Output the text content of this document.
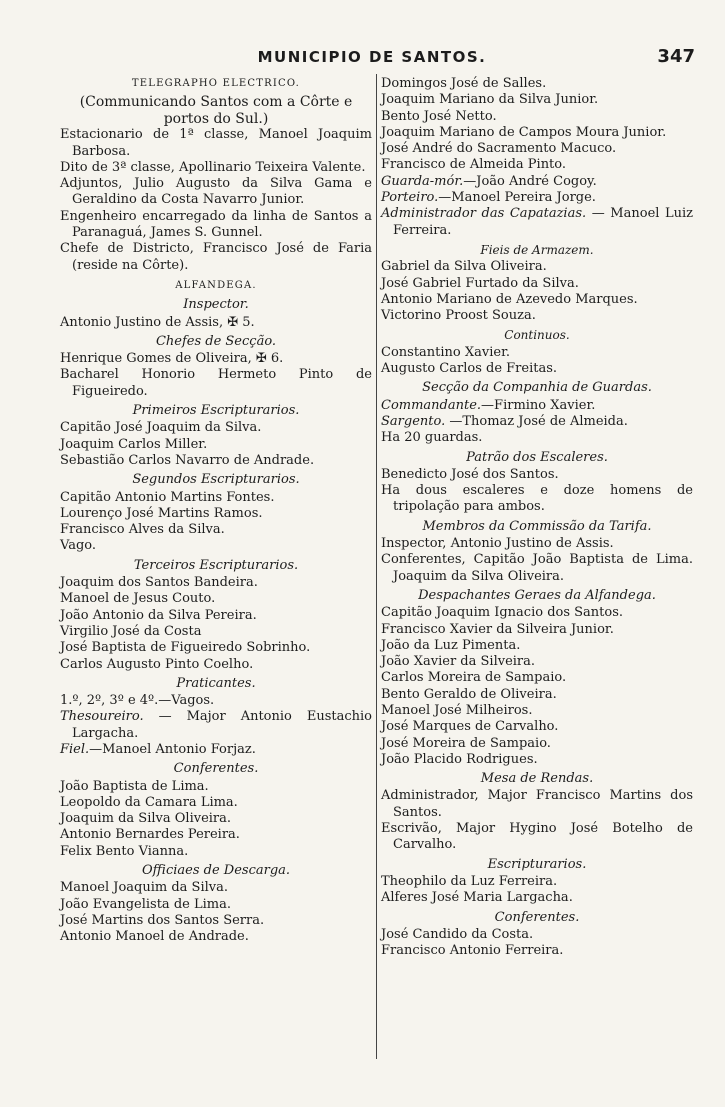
MUNICIPIO DE SANTOS.	347
TELEGRAPHO ELECTRICO.
(Communicando Santos com a Côrte e portos do Sul.)
Estacionario de 1ª classe, Manoel Joaquim Barbosa.
Dito de 3ª classe, Apollinario Teixeira Valente.
Adjuntos, Julio Augusto da Silva Gama e Geraldino da Costa Navarro Junior.
Engenheiro encarregado da linha de Santos a Paranaguá, James S. Gunnel.
Chefe de Districto, Francisco José de Faria (reside na Côrte).
ALFANDEGA.
Inspector.
Antonio Justino de Assis, ✠ 5.
Chefes de Secção.
Henrique Gomes de Oliveira, ✠ 6.
Bacharel Honorio Hermeto Pinto de Figueiredo.
Primeiros Escripturarios.
Capitão José Joaquim da Silva.
Joaquim Carlos Miller.
Sebastião Carlos Navarro de Andrade.
Segundos Escripturarios.
Capitão Antonio Martins Fontes.
Lourenço José Martins Ramos.
Francisco Alves da Silva.
Vago.
Terceiros Escripturarios.
Joaquim dos Santos Bandeira.
Manoel de Jesus Couto.
João Antonio da Silva Pereira.
Virgilio José da Costa
José Baptista de Figueiredo Sobrinho.
Carlos Augusto Pinto Coelho.
Praticantes.
1.º, 2º, 3º e 4º.—Vagos.
Thesoureiro. — Major Antonio Eustachio Largacha.
Fiel.—Manoel Antonio Forjaz.
Conferentes.
João Baptista de Lima.
Leopoldo da Camara Lima.
Joaquim da Silva Oliveira.
Antonio Bernardes Pereira.
Felix Bento Vianna.
Officiaes de Descarga.
Manoel Joaquim da Silva.
João Evangelista de Lima.
José Martins dos Santos Serra.
Antonio Manoel de Andrade.
Domingos José de Salles.
Joaquim Mariano da Silva Junior.
Bento José Netto.
Joaquim Mariano de Campos Moura Junior.
José André do Sacramento Macuco.
Francisco de Almeida Pinto.
Guarda-mór.—João André Cogoy.
Porteiro.—Manoel Pereira Jorge.
Administrador das Capatazias. — Manoel Luiz Ferreira.
Fieis de Armazem.
Gabriel da Silva Oliveira.
José Gabriel Furtado da Silva.
Antonio Mariano de Azevedo Marques.
Victorino Proost Souza.
Continuos.
Constantino Xavier.
Augusto Carlos de Freitas.
Secção da Companhia de Guardas.
Commandante.—Firmino Xavier.
Sargento. —Thomaz José de Almeida.
Ha 20 guardas.
Patrão dos Escaleres.
Benedicto José dos Santos.
Ha dous escaleres e doze homens de tripolação para ambos.
Membros da Commissão da Tarifa.
Inspector, Antonio Justino de Assis.
Conferentes, Capitão João Baptista de Lima. Joaquim da Silva Oliveira.
Despachantes Geraes da Alfandega.
Capitão Joaquim Ignacio dos Santos.
Francisco Xavier da Silveira Junior.
João da Luz Pimenta.
João Xavier da Silveira.
Carlos Moreira de Sampaio.
Bento Geraldo de Oliveira.
Manoel José Milheiros.
José Marques de Carvalho.
José Moreira de Sampaio.
João Placido Rodrigues.
Mesa de Rendas.
Administrador, Major Francisco Martins dos Santos.
Escrivão, Major Hygino José Botelho de Carvalho.
Escripturarios.
Theophilo da Luz Ferreira.
Alferes José Maria Largacha.
Conferentes.
José Candido da Costa.
Francisco Antonio Ferreira.
